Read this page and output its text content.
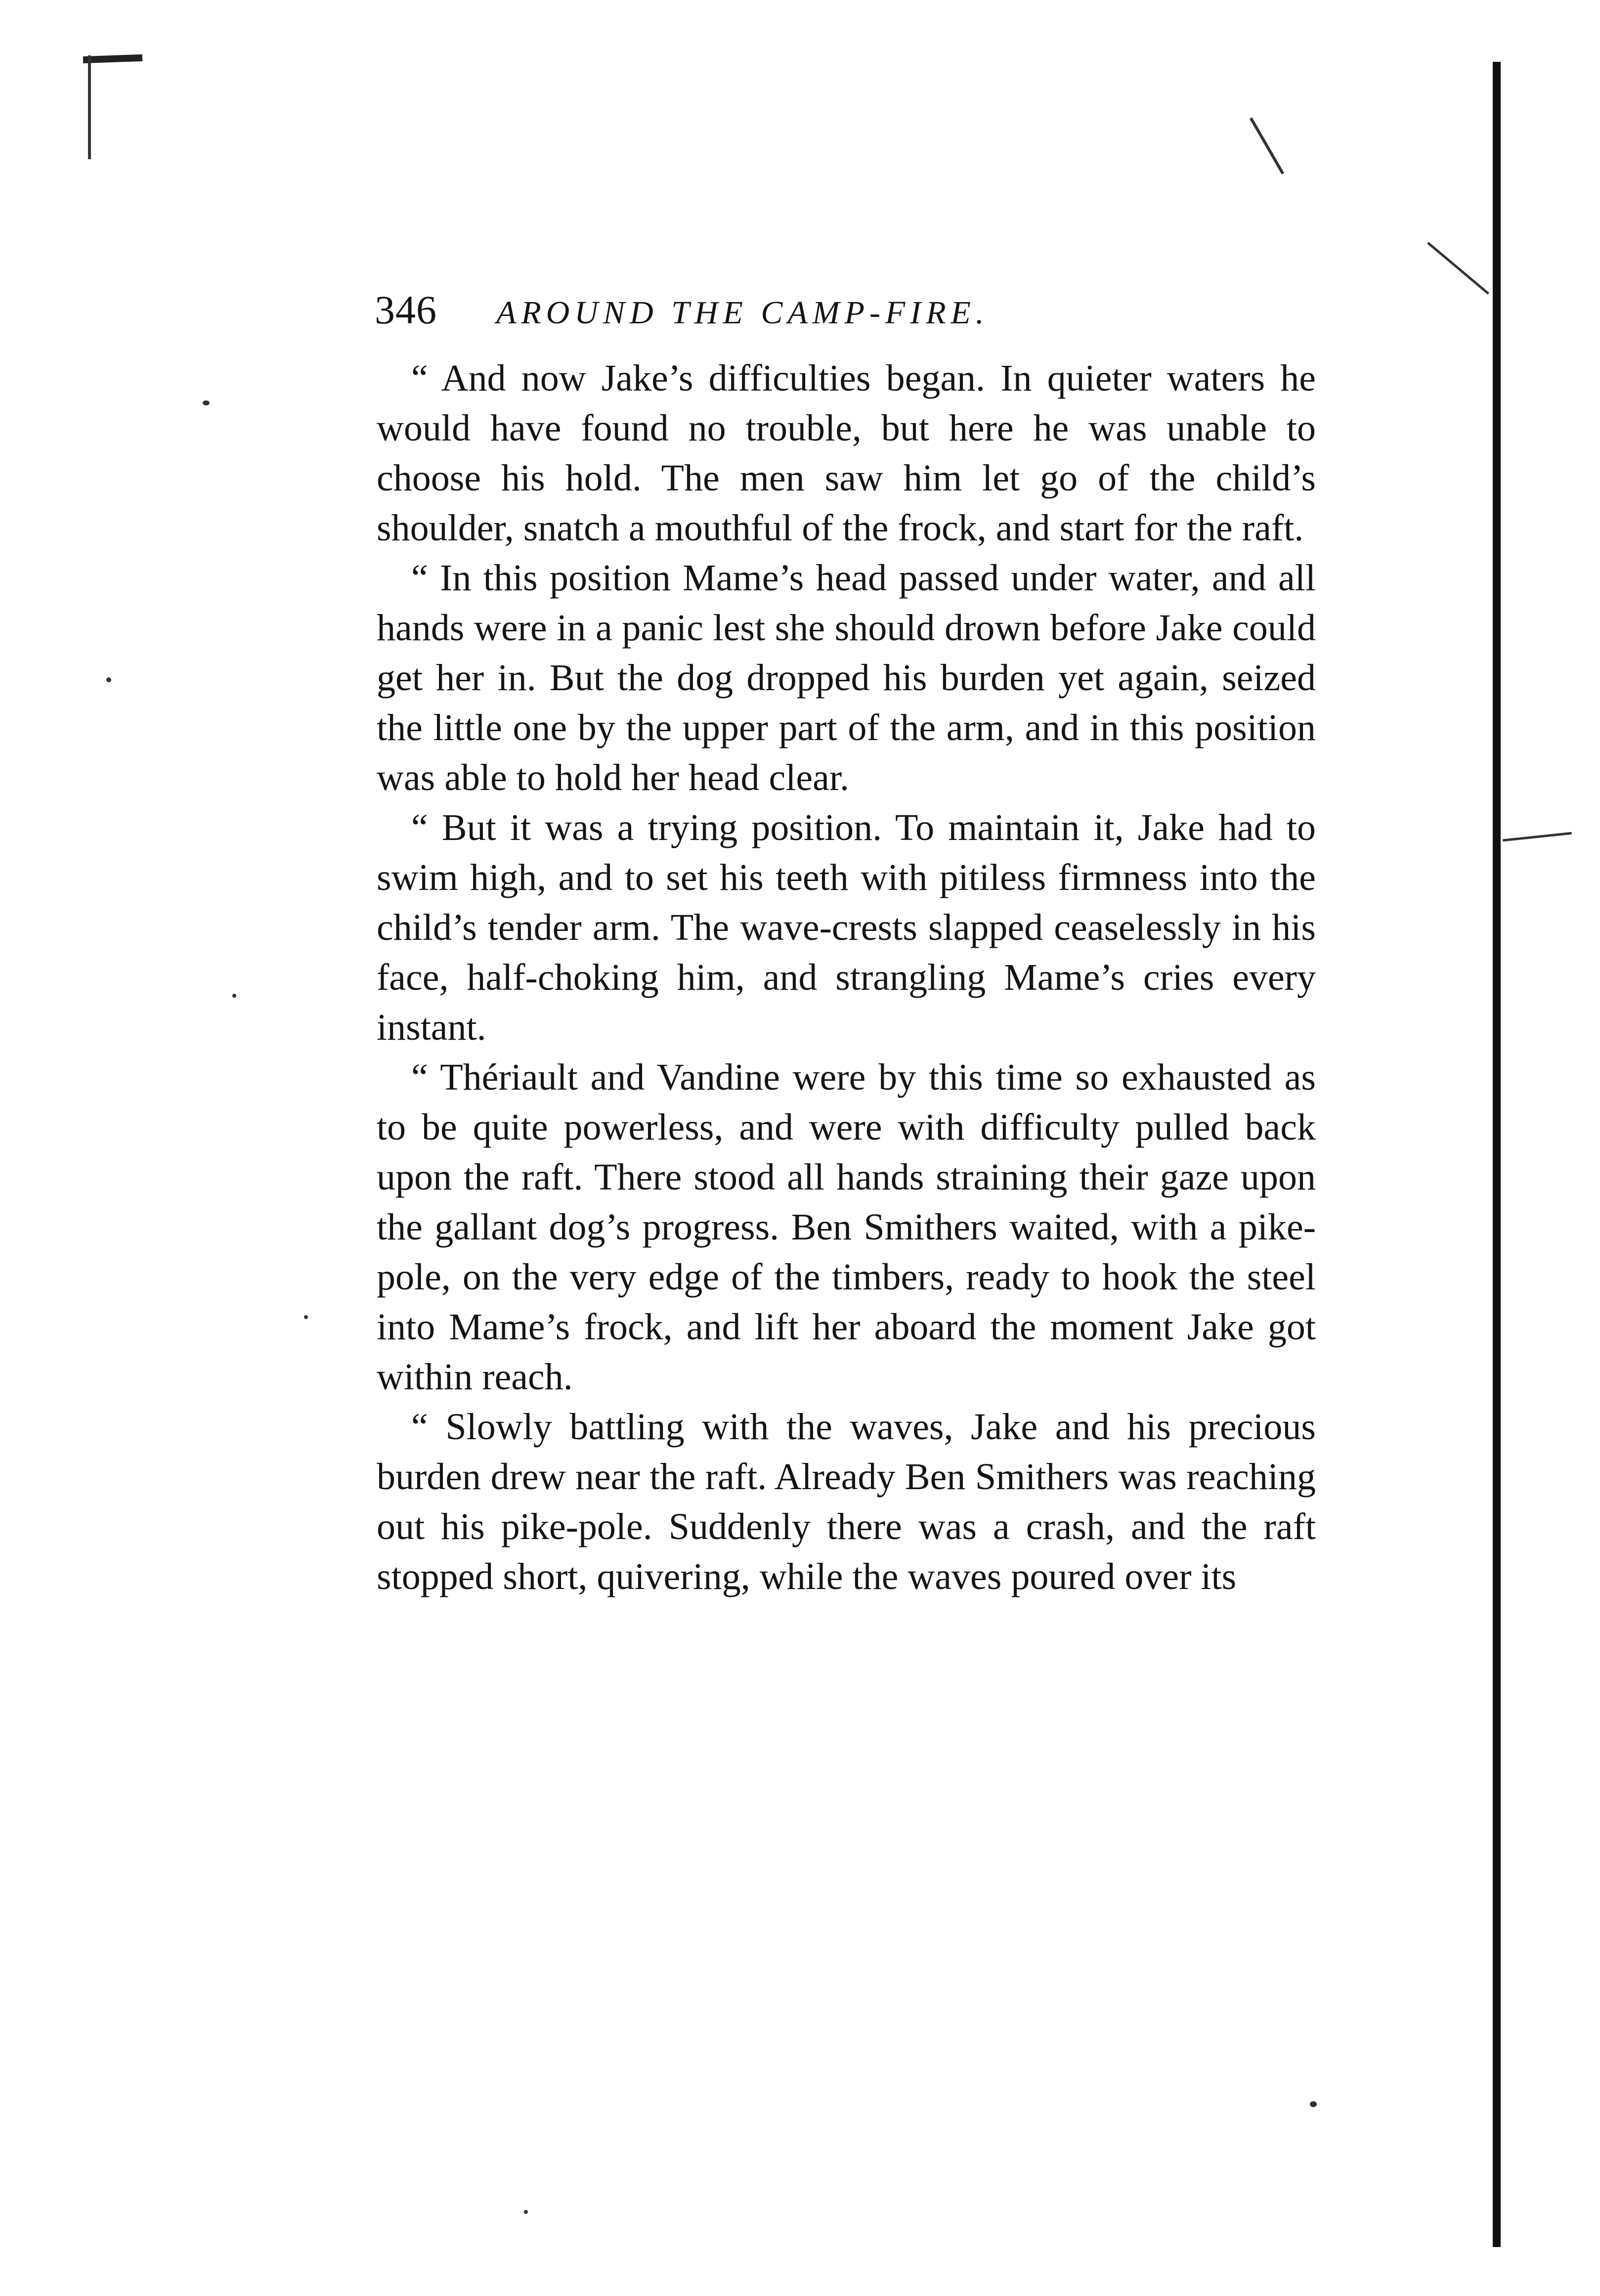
346 AROUND THE CAMP-FIRE.

“ And now Jake’s difficulties began. In quieter waters he would have found no trouble, but here he was unable to choose his hold. The men saw him let go of the child’s shoulder, snatch a mouthful of the frock, and start for the raft.

“ In this position Mame’s head passed under water, and all hands were in a panic lest she should drown before Jake could get her in. But the dog dropped his burden yet again, seized the little one by the upper part of the arm, and in this position was able to hold her head clear.

“ But it was a trying position. To maintain it, Jake had to swim high, and to set his teeth with pitiless firmness into the child’s tender arm. The wave-crests slapped ceaselessly in his face, half-choking him, and strangling Mame’s cries every instant.

“ Thériault and Vandine were by this time so exhausted as to be quite powerless, and were with difficulty pulled back upon the raft. There stood all hands straining their gaze upon the gallant dog’s progress. Ben Smithers waited, with a pike-pole, on the very edge of the timbers, ready to hook the steel into Mame’s frock, and lift her aboard the moment Jake got within reach.

“ Slowly battling with the waves, Jake and his precious burden drew near the raft. Already Ben Smithers was reaching out his pike-pole. Suddenly there was a crash, and the raft stopped short, quivering, while the waves poured over its
